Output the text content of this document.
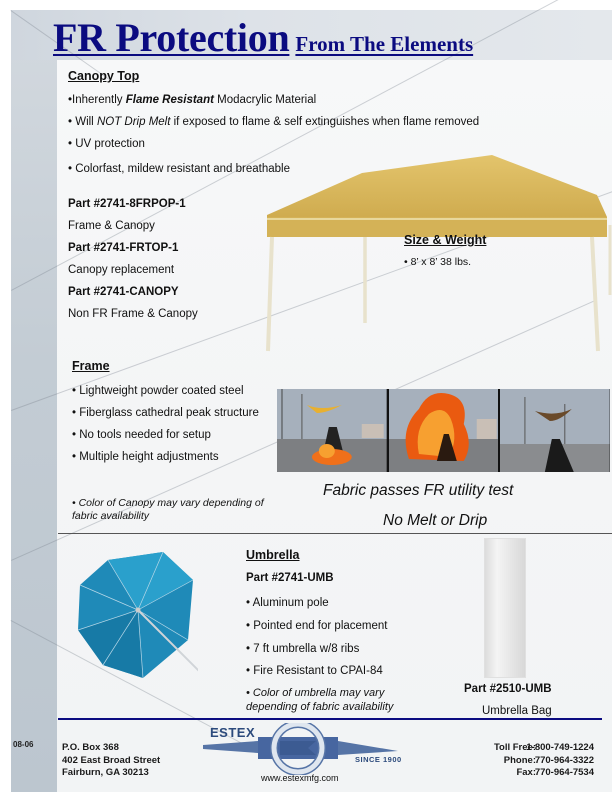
FR Protection From The Elements
Canopy Top
•Inherently Flame Resistant Modacrylic Material
• Will NOT Drip Melt if exposed to flame & self extinguishes when flame removed
• UV protection
• Colorfast, mildew resistant and breathable
Part #2741-8FRPOP-1
Frame & Canopy
Part #2741-FRTOP-1
Canopy replacement
Part #2741-CANOPY
Non FR Frame & Canopy
Size & Weight
• 8’ x 8’ 38 lbs.
Frame
• Lightweight powder coated steel
• Fiberglass cathedral peak structure
• No tools needed for setup
• Multiple height adjustments
• Color of Canopy may vary depending of
fabric availability
Fabric passes FR utility test
No Melt or Drip
Umbrella
Part #2741-UMB
• Aluminum pole
• Pointed end for placement
• 7 ft umbrella w/8 ribs
• Fire Resistant to CPAI-84
• Color of umbrella may vary
depending of fabric availability
Part #2510-UMB
Umbrella Bag
08-06	P.O. Box 368
402 East Broad Street
Fairburn, GA 30213
ESTEX
SINCE 1900
www.estexmfg.com
Toll Free:
Phone:
Fax:
1-800-749-1224
770-964-3322
770-964-7534
